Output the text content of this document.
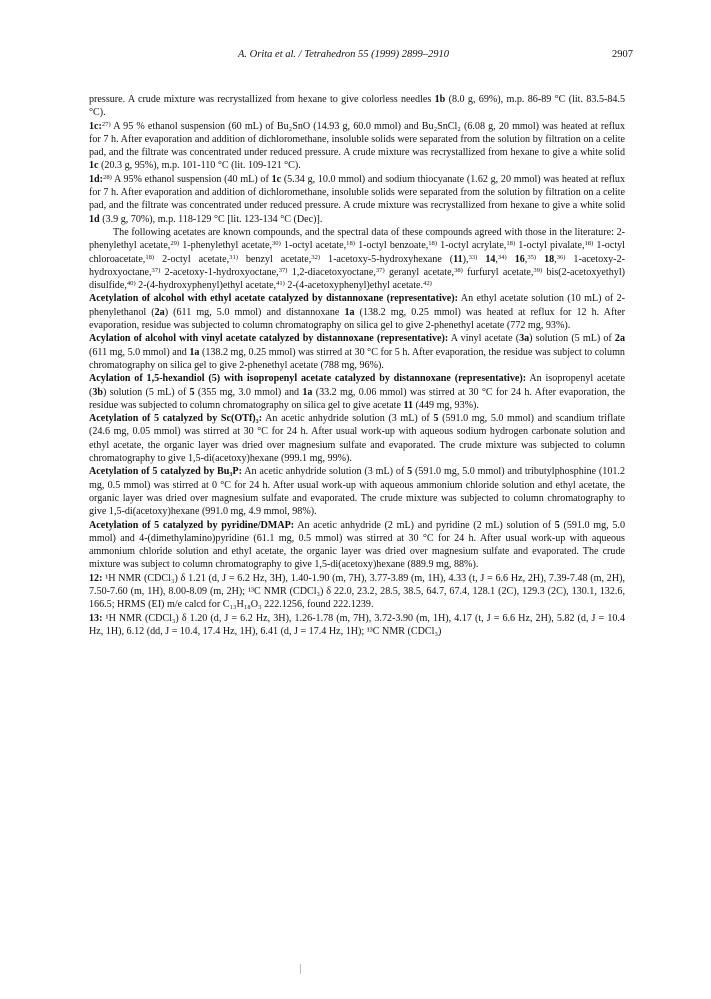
A. Orita et al. / Tetrahedron 55 (1999) 2899–2910	2907

pressure. A crude mixture was recrystallized from hexane to give colorless needles 1b (8.0 g, 69%), m.p. 86-89 °C (lit. 83.5-84.5 °C).

1c:$^{27)}$ A 95 % ethanol suspension (60 mL) of Bu₂SnO (14.93 g, 60.0 mmol) and Bu₂SnCl₂ (6.08 g, 20 mmol) was heated at reflux for 7 h. After evaporation and addition of dichloromethane, insoluble solids were separated from the solution by filtration on a celite pad, and the filtrate was concentrated under reduced pressure. A crude mixture was recrystallized from hexane to give a white solid 1c (20.3 g, 95%), m.p. 101-110 °C (lit. 109-121 °C).

1d:$^{28)}$ A 95% ethanol suspension (40 mL) of 1c (5.34 g, 10.0 mmol) and sodium thiocyanate (1.62 g, 20 mmol) was heated at reflux for 7 h. After evaporation and addition of dichloromethane, insoluble solids were separated from the solution by filtration on a celite pad, and the filtrate was concentrated under reduced pressure. A crude mixture was recrystallized from hexane to give a white solid 1d (3.9 g, 70%), m.p. 118-129 °C [lit. 123-134 °C (Dec)].

The following acetates are known compounds, and the spectral data of these compounds agreed with those in the literature: 2-phenylethyl acetate,$^{29)}$ 1-phenylethyl acetate,$^{30)}$ 1-octyl acetate,$^{18)}$ 1-octyl benzoate,$^{18)}$ 1-octyl acrylate,$^{18)}$ 1-octyl pivalate,$^{18)}$ 1-octyl chloroacetate,$^{18)}$ 2-octyl acetate,$^{31)}$ benzyl acetate,$^{32)}$ 1-acetoxy-5-hydroxyhexane (11),$^{33)}$ 14,$^{34)}$ 16,$^{35)}$ 18,$^{36)}$ 1-acetoxy-2-hydroxyoctane,$^{37)}$ 2-acetoxy-1-hydroxyoctane,$^{37)}$ 1,2-diacetoxyoctane,$^{37)}$ geranyl acetate,$^{38)}$ furfuryl acetate,$^{39)}$ bis(2-acetoxyethyl) disulfide,$^{40)}$ 2-(4-hydroxyphenyl)ethyl acetate,$^{41)}$ 2-(4-acetoxyphenyl)ethyl acetate.$^{42)}$

Acetylation of alcohol with ethyl acetate catalyzed by distannoxane (representative): An ethyl acetate solution (10 mL) of 2-phenylethanol (2a) (611 mg, 5.0 mmol) and distannoxane 1a (138.2 mg, 0.25 mmol) was heated at reflux for 12 h. After evaporation, residue was subjected to column chromatography on silica gel to give 2-phenethyl acetate (772 mg, 93%).

Acylation of alcohol with vinyl acetate catalyzed by distannoxane (representative): A vinyl acetate (3a) solution (5 mL) of 2a (611 mg, 5.0 mmol) and 1a (138.2 mg, 0.25 mmol) was stirred at 30 °C for 5 h. After evaporation, the residue was subject to column chromatography on silica gel to give 2-phenethyl acetate (788 mg, 96%).

Acylation of 1,5-hexandiol (5) with isopropenyl acetate catalyzed by distannoxane (representative): An isopropenyl acetate (3b) solution (5 mL) of 5 (355 mg, 3.0 mmol) and 1a (33.2 mg, 0.06 mmol) was stirred at 30 °C for 24 h. After evaporation, the residue was subjected to column chromatography on silica gel to give acetate 11 (449 mg, 93%).

Acetylation of 5 catalyzed by Sc(OTf)₃: An acetic anhydride solution (3 mL) of 5 (591.0 mg, 5.0 mmol) and scandium triflate (24.6 mg, 0.05 mmol) was stirred at 30 °C for 24 h. After usual work-up with aqueous sodium hydrogen carbonate solution and ethyl acetate, the organic layer was dried over magnesium sulfate and evaporated. The crude mixture was subjected to column chromatography to give 1,5-di(acetoxy)hexane (999.1 mg, 99%).

Acetylation of 5 catalyzed by Bu₃P: An acetic anhydride solution (3 mL) of 5 (591.0 mg, 5.0 mmol) and tributylphosphine (101.2 mg, 0.5 mmol) was stirred at 0 °C for 24 h. After usual work-up with aqueous ammonium chloride solution and ethyl acetate, the organic layer was dried over magnesium sulfate and evaporated. The crude mixture was subjected to column chromatography to give 1,5-di(acetoxy)hexane (991.0 mg, 4.9 mmol, 98%).

Acetylation of 5 catalyzed by pyridine/DMAP: An acetic anhydride (2 mL) and pyridine (2 mL) solution of 5 (591.0 mg, 5.0 mmol) and 4-(dimethylamino)pyridine (61.1 mg, 0.5 mmol) was stirred at 30 °C for 24 h. After usual work-up with aqueous ammonium chloride solution and ethyl acetate, the organic layer was dried over magnesium sulfate and evaporated. The crude mixture was subject to column chromatography to give 1,5-di(acetoxy)hexane (889.9 mg, 88%).

12: ¹H NMR (CDCl₃) δ 1.21 (d, J = 6.2 Hz, 3H), 1.40-1.90 (m, 7H), 3.77-3.89 (m, 1H), 4.33 (t, J = 6.6 Hz, 2H), 7.39-7.48 (m, 2H), 7.50-7.60 (m, 1H), 8.00-8.09 (m, 2H); ¹³C NMR (CDCl₃) δ 22.0, 23.2, 28.5, 38.5, 64.7, 67.4, 128.1 (2C), 129.3 (2C), 130.1, 132.6, 166.5; HRMS (EI) m/e calcd for C₁₃H₁₈O₃ 222.1256, found 222.1239.

13: ¹H NMR (CDCl₃) δ 1.20 (d, J = 6.2 Hz, 3H), 1.26-1.78 (m, 7H), 3.72-3.90 (m, 1H), 4.17 (t, J = 6.6 Hz, 2H), 5.82 (d, J = 10.4 Hz, 1H), 6.12 (dd, J = 10.4, 17.4 Hz, 1H), 6.41 (d, J = 17.4 Hz, 1H); ¹³C NMR (CDCl₃)
